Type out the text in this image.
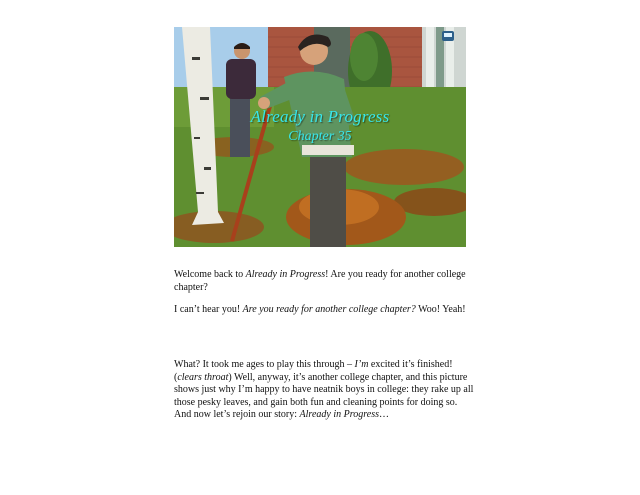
Already in Progress
Chapter 35

Welcome back to Already in Progress! Are you ready for another college chapter?

I can’t hear you! Are you ready for another college chapter? Woo! Yeah!

What? It took me ages to play this through – I’m excited it’s finished! (clears throat) Well, anyway, it’s another college chapter, and this picture shows just why I’m happy to have neatnik boys in college: they rake up all those pesky leaves, and gain both fun and cleaning points for doing so. And now let’s rejoin our story: Already in Progress…
